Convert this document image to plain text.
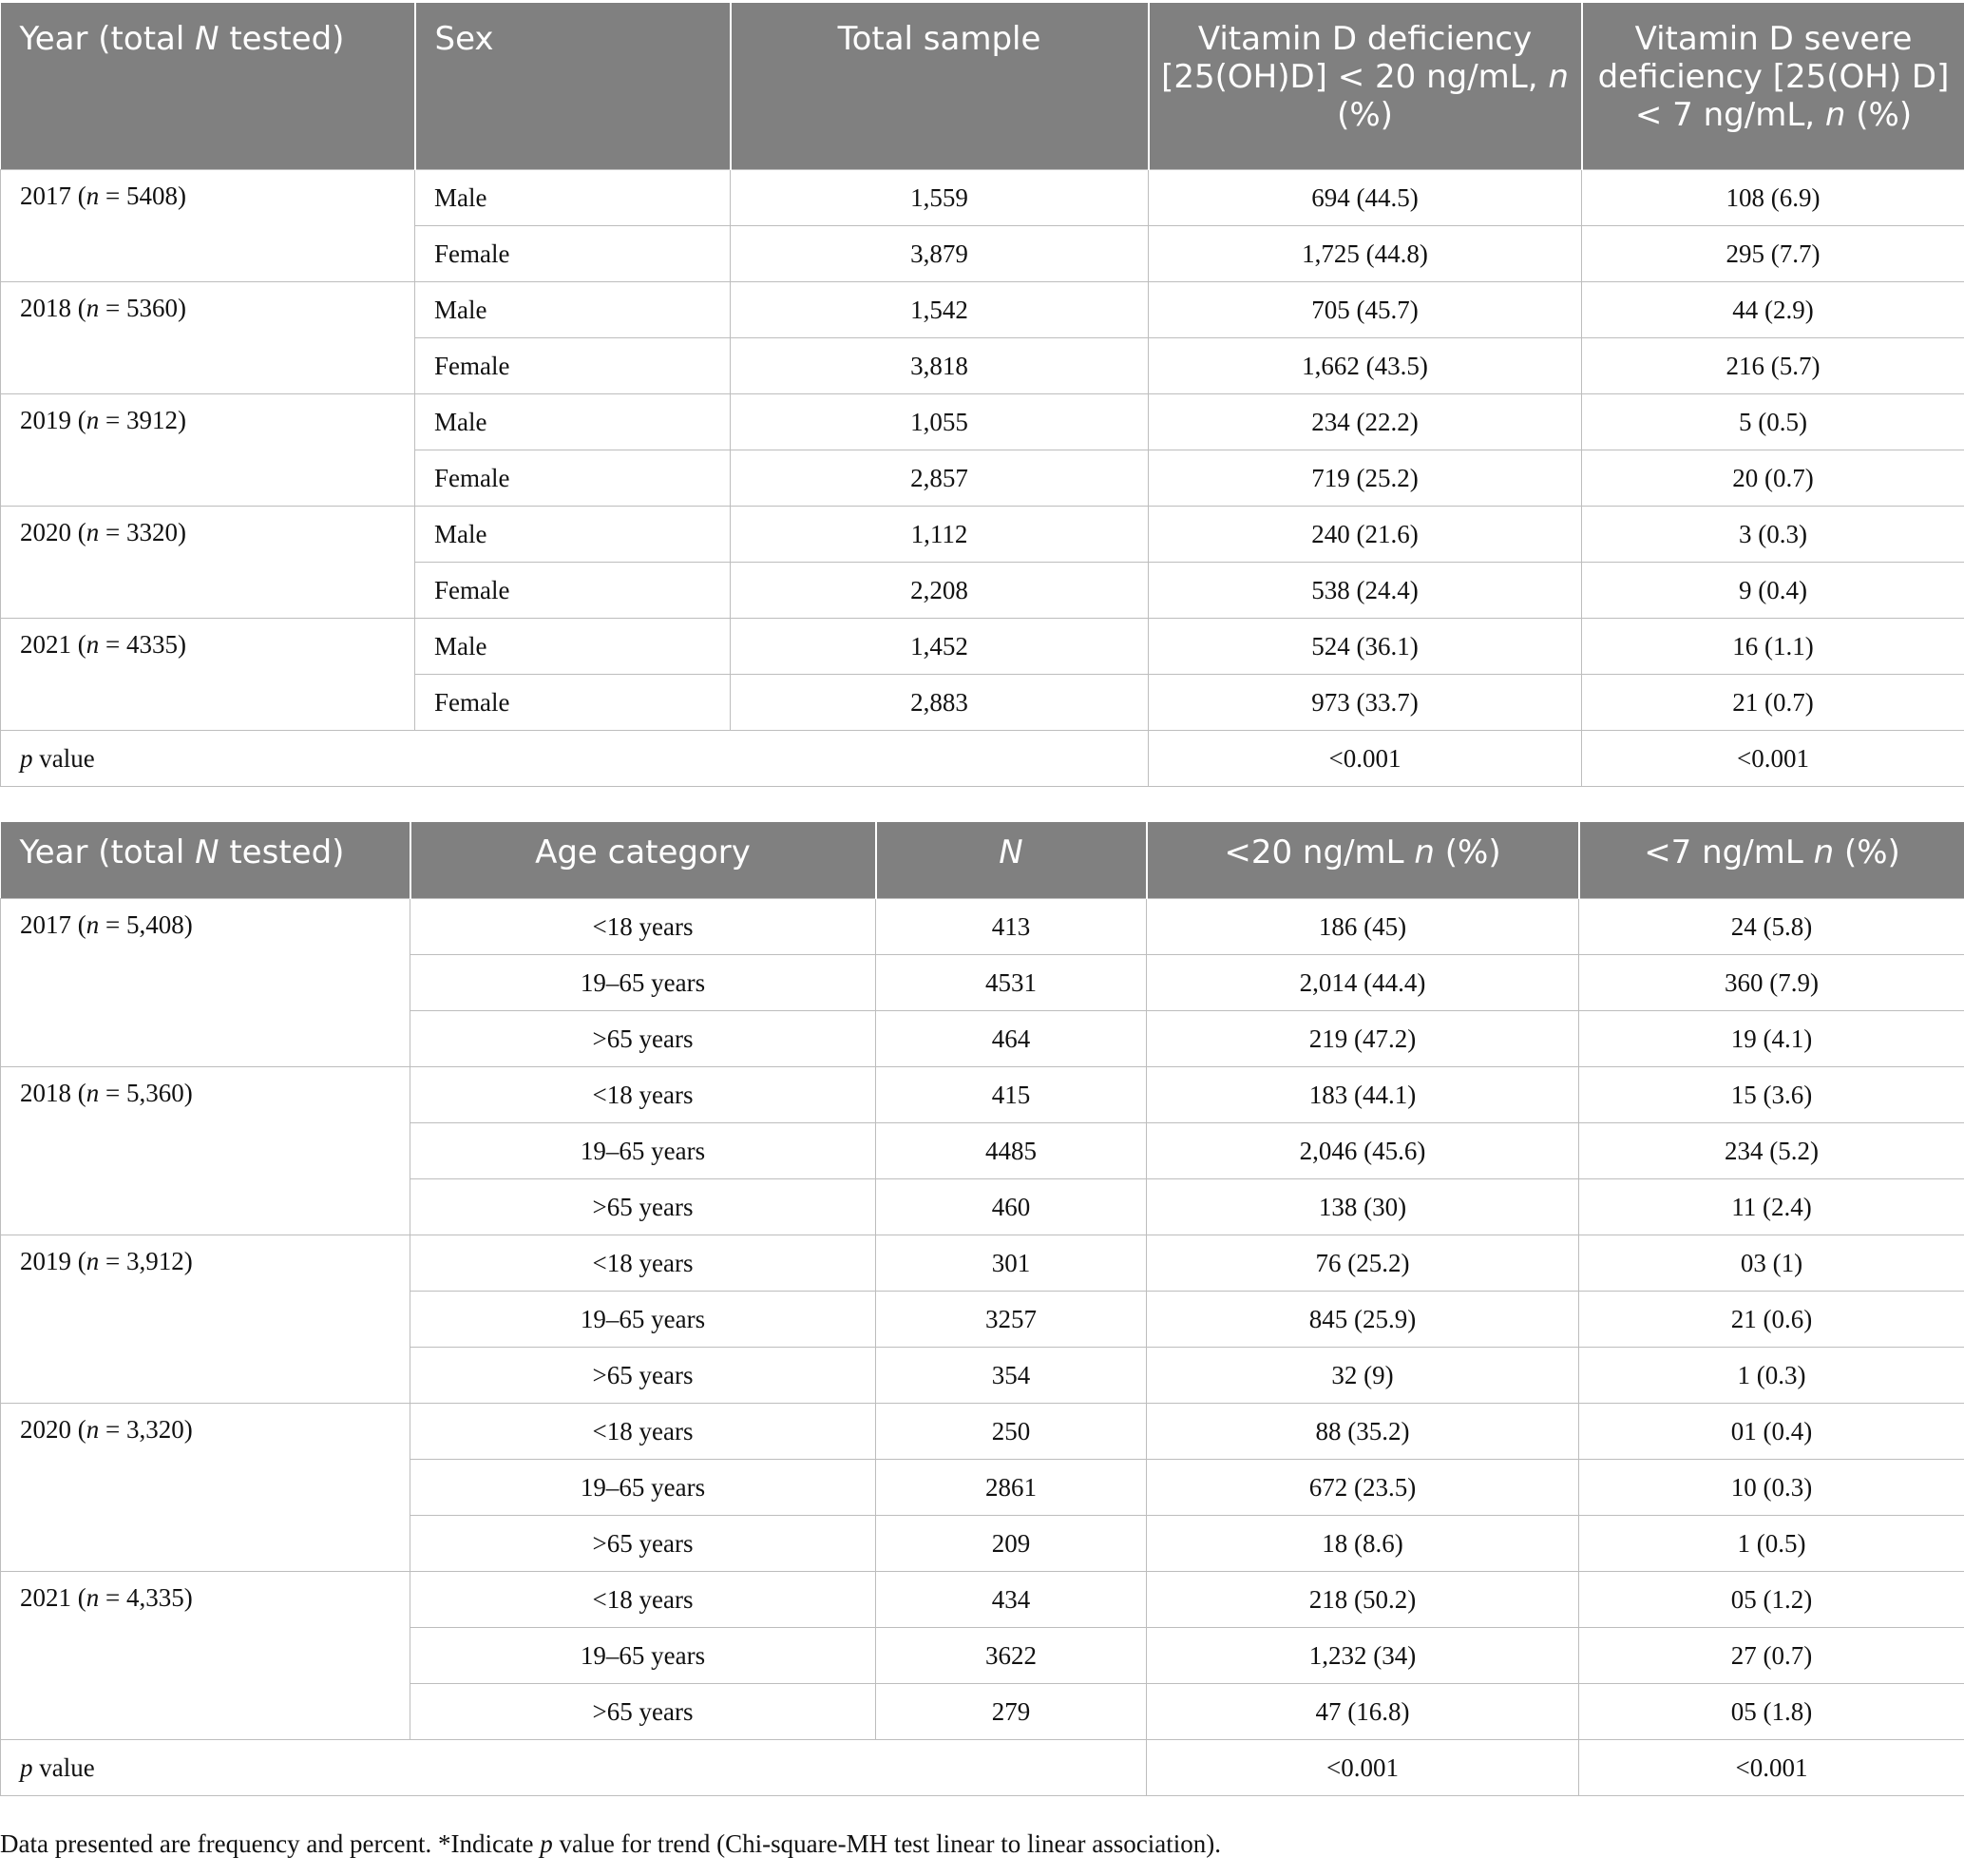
Year (total N tested)	Sex	Total sample	Vitamin D deficiency [25(OH)D] < 20 ng/mL, n (%)	Vitamin D severe deficiency [25(OH) D] < 7 ng/mL, n (%)
2017 (n = 5408)	Male	1,559	694 (44.5)	108 (6.9)
	Female	3,879	1,725 (44.8)	295 (7.7)
2018 (n = 5360)	Male	1,542	705 (45.7)	44 (2.9)
	Female	3,818	1,662 (43.5)	216 (5.7)
2019 (n = 3912)	Male	1,055	234 (22.2)	5 (0.5)
	Female	2,857	719 (25.2)	20 (0.7)
2020 (n = 3320)	Male	1,112	240 (21.6)	3 (0.3)
	Female	2,208	538 (24.4)	9 (0.4)
2021 (n = 4335)	Male	1,452	524 (36.1)	16 (1.1)
	Female	2,883	973 (33.7)	21 (0.7)
p value			<0.001	<0.001
Year (total N tested)	Age category	N	<20 ng/mL n (%)	<7 ng/mL n (%)
2017 (n = 5,408)	<18 years	413	186 (45)	24 (5.8)
	19–65 years	4531	2,014 (44.4)	360 (7.9)
	>65 years	464	219 (47.2)	19 (4.1)
2018 (n = 5,360)	<18 years	415	183 (44.1)	15 (3.6)
	19–65 years	4485	2,046 (45.6)	234 (5.2)
	>65 years	460	138 (30)	11 (2.4)
2019 (n = 3,912)	<18 years	301	76 (25.2)	03 (1)
	19–65 years	3257	845 (25.9)	21 (0.6)
	>65 years	354	32 (9)	1 (0.3)
2020 (n = 3,320)	<18 years	250	88 (35.2)	01 (0.4)
	19–65 years	2861	672 (23.5)	10 (0.3)
	>65 years	209	18 (8.6)	1 (0.5)
2021 (n = 4,335)	<18 years	434	218 (50.2)	05 (1.2)
	19–65 years	3622	1,232 (34)	27 (0.7)
	>65 years	279	47 (16.8)	05 (1.8)
p value			<0.001	<0.001
Data presented are frequency and percent. *Indicate p value for trend (Chi-square-MH test linear to linear association).
